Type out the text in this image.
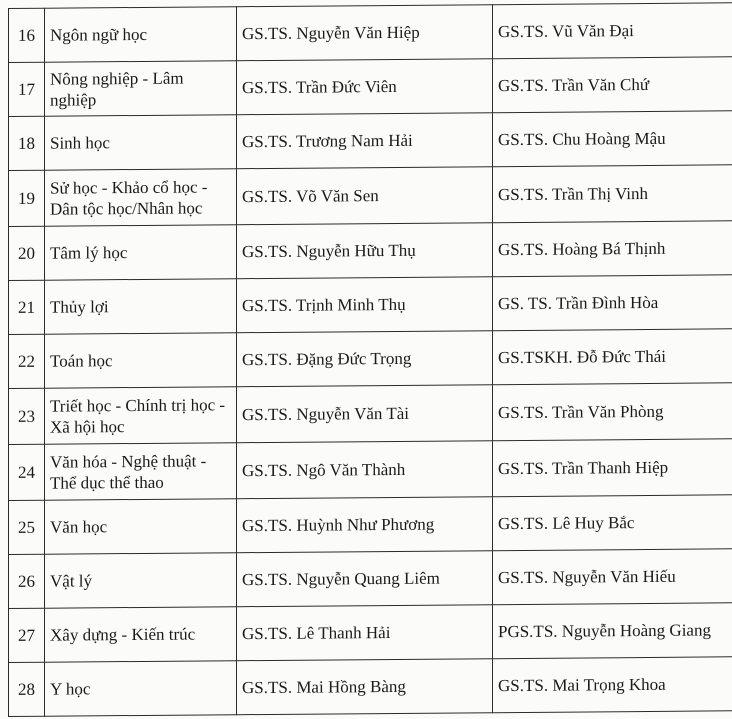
16	Ngôn ngữ học	GS.TS. Nguyễn Văn Hiệp	GS.TS. Vũ Văn Đại
17	Nông nghiệp - Lâm nghiệp	GS.TS. Trần Đức Viên	GS.TS. Trần Văn Chứ
18	Sinh học	GS.TS. Trương Nam Hải	GS.TS. Chu Hoàng Mậu
19	Sử học - Khảo cổ học - Dân tộc học/Nhân học	GS.TS. Võ Văn Sen	GS.TS. Trần Thị Vinh
20	Tâm lý học	GS.TS. Nguyễn Hữu Thụ	GS.TS. Hoàng Bá Thịnh
21	Thủy lợi	GS.TS. Trịnh Minh Thụ	GS. TS. Trần Đình Hòa
22	Toán học	GS.TS. Đặng Đức Trọng	GS.TSKH. Đỗ Đức Thái
23	Triết học - Chính trị học - Xã hội học	GS.TS. Nguyễn Văn Tài	GS.TS. Trần Văn Phòng
24	Văn hóa - Nghệ thuật - Thể dục thể thao	GS.TS. Ngô Văn Thành	GS.TS. Trần Thanh Hiệp
25	Văn học	GS.TS. Huỳnh Như Phương	GS.TS. Lê Huy Bắc
26	Vật lý	GS.TS. Nguyễn Quang Liêm	GS.TS. Nguyễn Văn Hiếu
27	Xây dựng - Kiến trúc	GS.TS. Lê Thanh Hải	PGS.TS. Nguyễn Hoàng Giang
28	Y học	GS.TS. Mai Hồng Bàng	GS.TS. Mai Trọng Khoa
